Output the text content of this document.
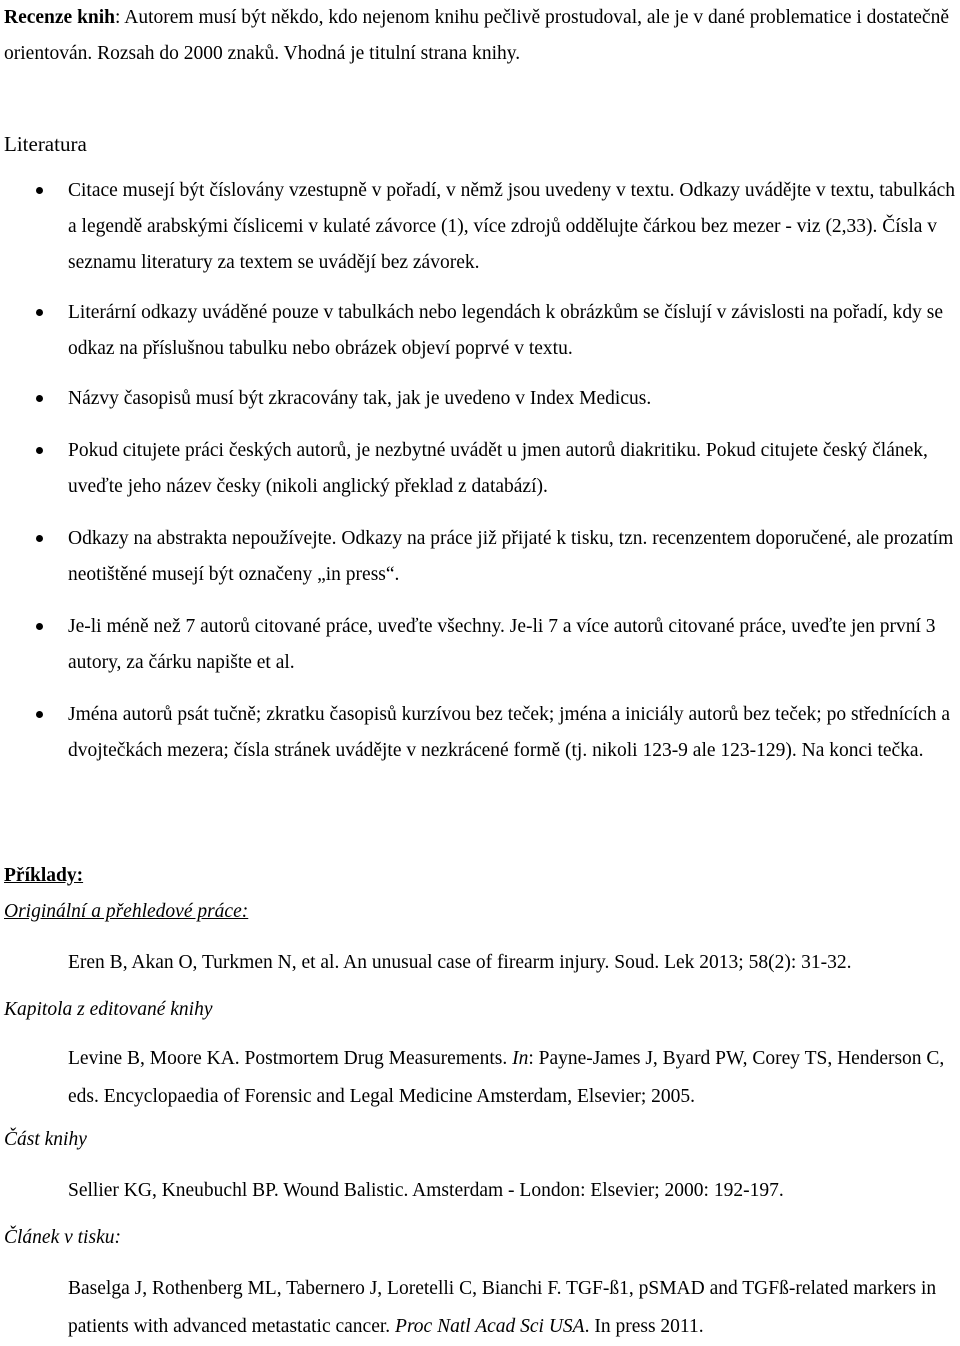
Recenze knih: Autorem musí být někdo, kdo nejenom knihu pečlivě prostudoval, ale je v dané problematice i dostatečně orientován. Rozsah do 2000 znaků. Vhodná je titulní strana knihy.

Literatura
Citace musejí být číslovány vzestupně v pořadí, v němž jsou uvedeny v textu. Odkazy uvádějte v textu, tabulkách a legendě arabskými číslicemi v kulaté závorce (1), více zdrojů oddělujte čárkou bez mezer - viz (2,33). Čísla v seznamu literatury za textem se uvádějí bez závorek.
Literární odkazy uváděné pouze v tabulkách nebo legendách k obrázkům se číslují v závislosti na pořadí, kdy se odkaz na příslušnou tabulku nebo obrázek objeví poprvé v textu.
Názvy časopisů musí být zkracovány tak, jak je uvedeno v Index Medicus.
Pokud citujete práci českých autorů, je nezbytné uvádět u jmen autorů diakritiku. Pokud citujete český článek, uveďte jeho název česky (nikoli anglický překlad z databází).
Odkazy na abstrakta nepoužívejte. Odkazy na práce již přijaté k tisku, tzn. recenzentem doporučené, ale prozatím neotištěné musejí být označeny „in press“.
Je-li méně než 7 autorů citované práce, uveďte všechny. Je-li 7 a více autorů citované práce, uveďte jen první 3 autory, za čárku napište et al.
Jména autorů psát tučně; zkratku časopisů kurzívou bez teček; jména a iniciály autorů bez teček; po střednících a dvojtečkách mezera; čísla stránek uvádějte v nezkrácené formě (tj. nikoli 123-9 ale 123-129). Na konci tečka.

Příklady:

Originální a přehledové práce:

Eren B, Akan O, Turkmen N, et al. An unusual case of firearm injury. Soud. Lek 2013; 58(2): 31-32.

Kapitola z editované knihy

Levine B, Moore KA. Postmortem Drug Measurements. In: Payne-James J, Byard PW, Corey TS, Henderson C, eds. Encyclopaedia of Forensic and Legal Medicine Amsterdam, Elsevier; 2005.

Část knihy

Sellier KG, Kneubuchl BP. Wound Balistic. Amsterdam - London: Elsevier; 2000: 192-197.

Článek v tisku:

Baselga J, Rothenberg ML, Tabernero J, Loretelli C, Bianchi F. TGF-ß1, pSMAD and TGFß-related markers in patients with advanced metastatic cancer. Proc Natl Acad Sci USA. In press 2011.
